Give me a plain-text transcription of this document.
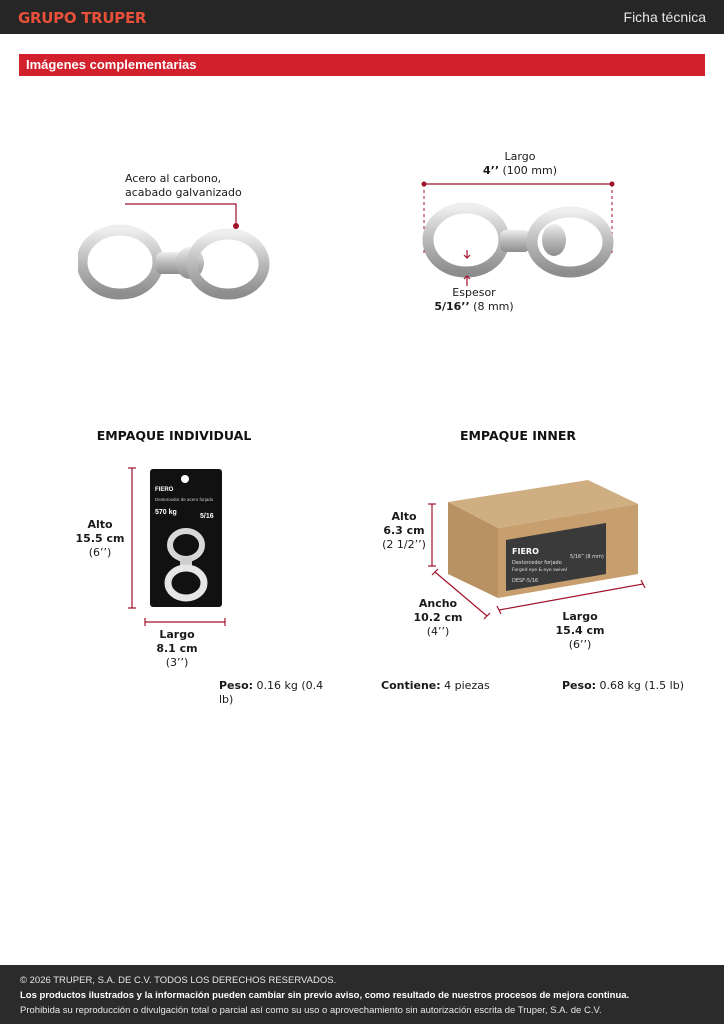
GRUPO TRUPER	Ficha técnica
Imágenes complementarias
Acero al carbono,
acabado galvanizado
Largo
4’’ (100 mm)
Espesor
5/16’’ (8 mm)
EMPAQUE INDIVIDUAL
Alto
15.5 cm
(6’’)
FIERO
Destorcedor de acero forjado
570 kg
5/16
Largo
8.1 cm
(3’’)
Peso: 0.16 kg (0.4 lb)
EMPAQUE INNER
Alto
6.3 cm
(2 1/2’’)
FIERO
Destorcedor forjado
Forged eye & eye swivel
5/16” (8 mm)
DESF-5/16
Ancho
10.2 cm
(4’’)
Largo
15.4 cm
(6’’)
Contiene: 4 piezas	Peso: 0.68 kg (1.5 lb)
© 2026 TRUPER, S.A. DE C.V. TODOS LOS DERECHOS RESERVADOS.
Los productos ilustrados y la información pueden cambiar sin previo aviso, como resultado de nuestros procesos de mejora continua.
Prohibida su reproducción o divulgación total o parcial así como su uso o aprovechamiento sin autorización escrita de Truper, S.A. de C.V.
